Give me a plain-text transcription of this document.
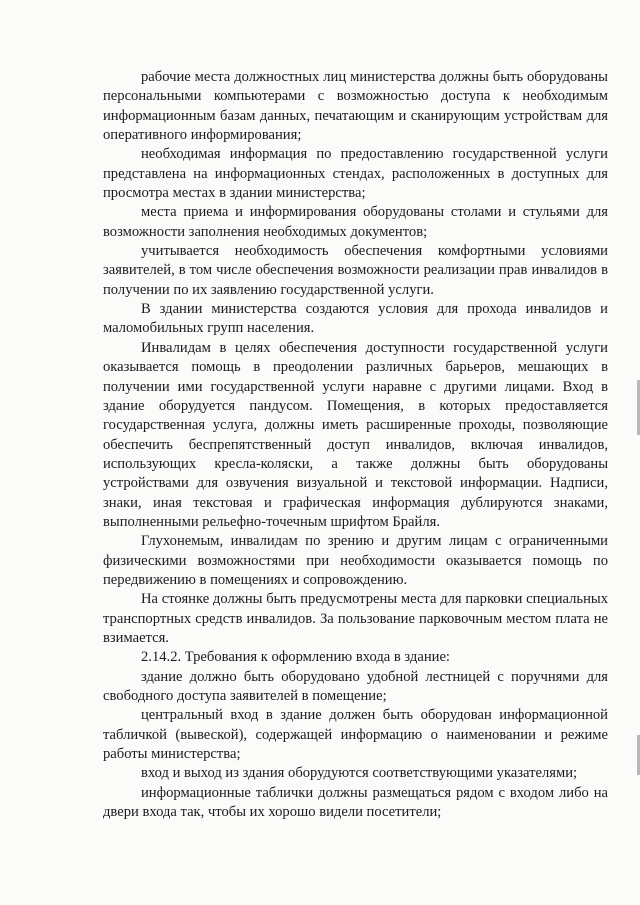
рабочие места должностных лиц министерства должны быть оборудованы персональными компьютерами с возможностью доступа к необходимым информационным базам данных, печатающим и сканирующим устройствам для оперативного информирования;

необходимая информация по предоставлению государственной услуги представлена на информационных стендах, расположенных в доступных для просмотра местах в здании министерства;

места приема и информирования оборудованы столами и стульями для возможности заполнения необходимых документов;

учитывается необходимость обеспечения комфортными условиями заявителей, в том числе обеспечения возможности реализации прав инвалидов в получении по их заявлению государственной услуги.

В здании министерства создаются условия для прохода инвалидов и маломобильных групп населения.

Инвалидам в целях обеспечения доступности государственной услуги оказывается помощь в преодолении различных барьеров, мешающих в получении ими государственной услуги наравне с другими лицами. Вход в здание оборудуется пандусом. Помещения, в которых предоставляется государственная услуга, должны иметь расширенные проходы, позволяющие обеспечить беспрепятственный доступ инвалидов, включая инвалидов, использующих кресла-коляски, а также должны быть оборудованы устройствами для озвучения визуальной и текстовой информации. Надписи, знаки, иная текстовая и графическая информация дублируются знаками, выполненными рельефно-точечным шрифтом Брайля.

Глухонемым, инвалидам по зрению и другим лицам с ограниченными физическими возможностями при необходимости оказывается помощь по передвижению в помещениях и сопровождению.

На стоянке должны быть предусмотрены места для парковки специальных транспортных средств инвалидов. За пользование парковочным местом плата не взимается.

2.14.2. Требования к оформлению входа в здание:

здание должно быть оборудовано удобной лестницей с поручнями для свободного доступа заявителей в помещение;

центральный вход в здание должен быть оборудован информационной табличкой (вывеской), содержащей информацию о наименовании и режиме работы министерства;

вход и выход из здания оборудуются соответствующими указателями;

информационные таблички должны размещаться рядом с входом либо на двери входа так, чтобы их хорошо видели посетители;
